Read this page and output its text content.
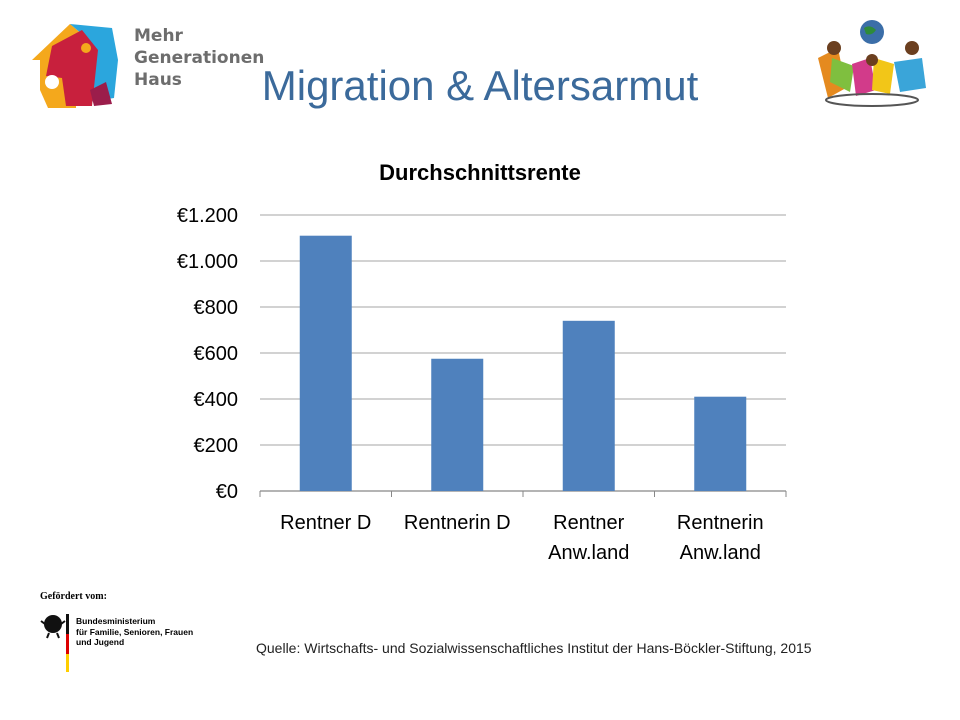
Mehr
Generationen
Haus	Migration & Altersarmut
Durchschnittsrente
€0
€200
€400
€600
€800
€1.000
€1.200
Rentner D Rentnerin D Rentner
Anw.land
Rentnerin
Anw.land
Gefördert vom:
Bundesministerium
für Familie, Senioren, Frauen
und Jugend	Quelle: Wirtschafts- und Sozialwissenschaftliches Institut der Hans-Böckler-Stiftung, 2015
